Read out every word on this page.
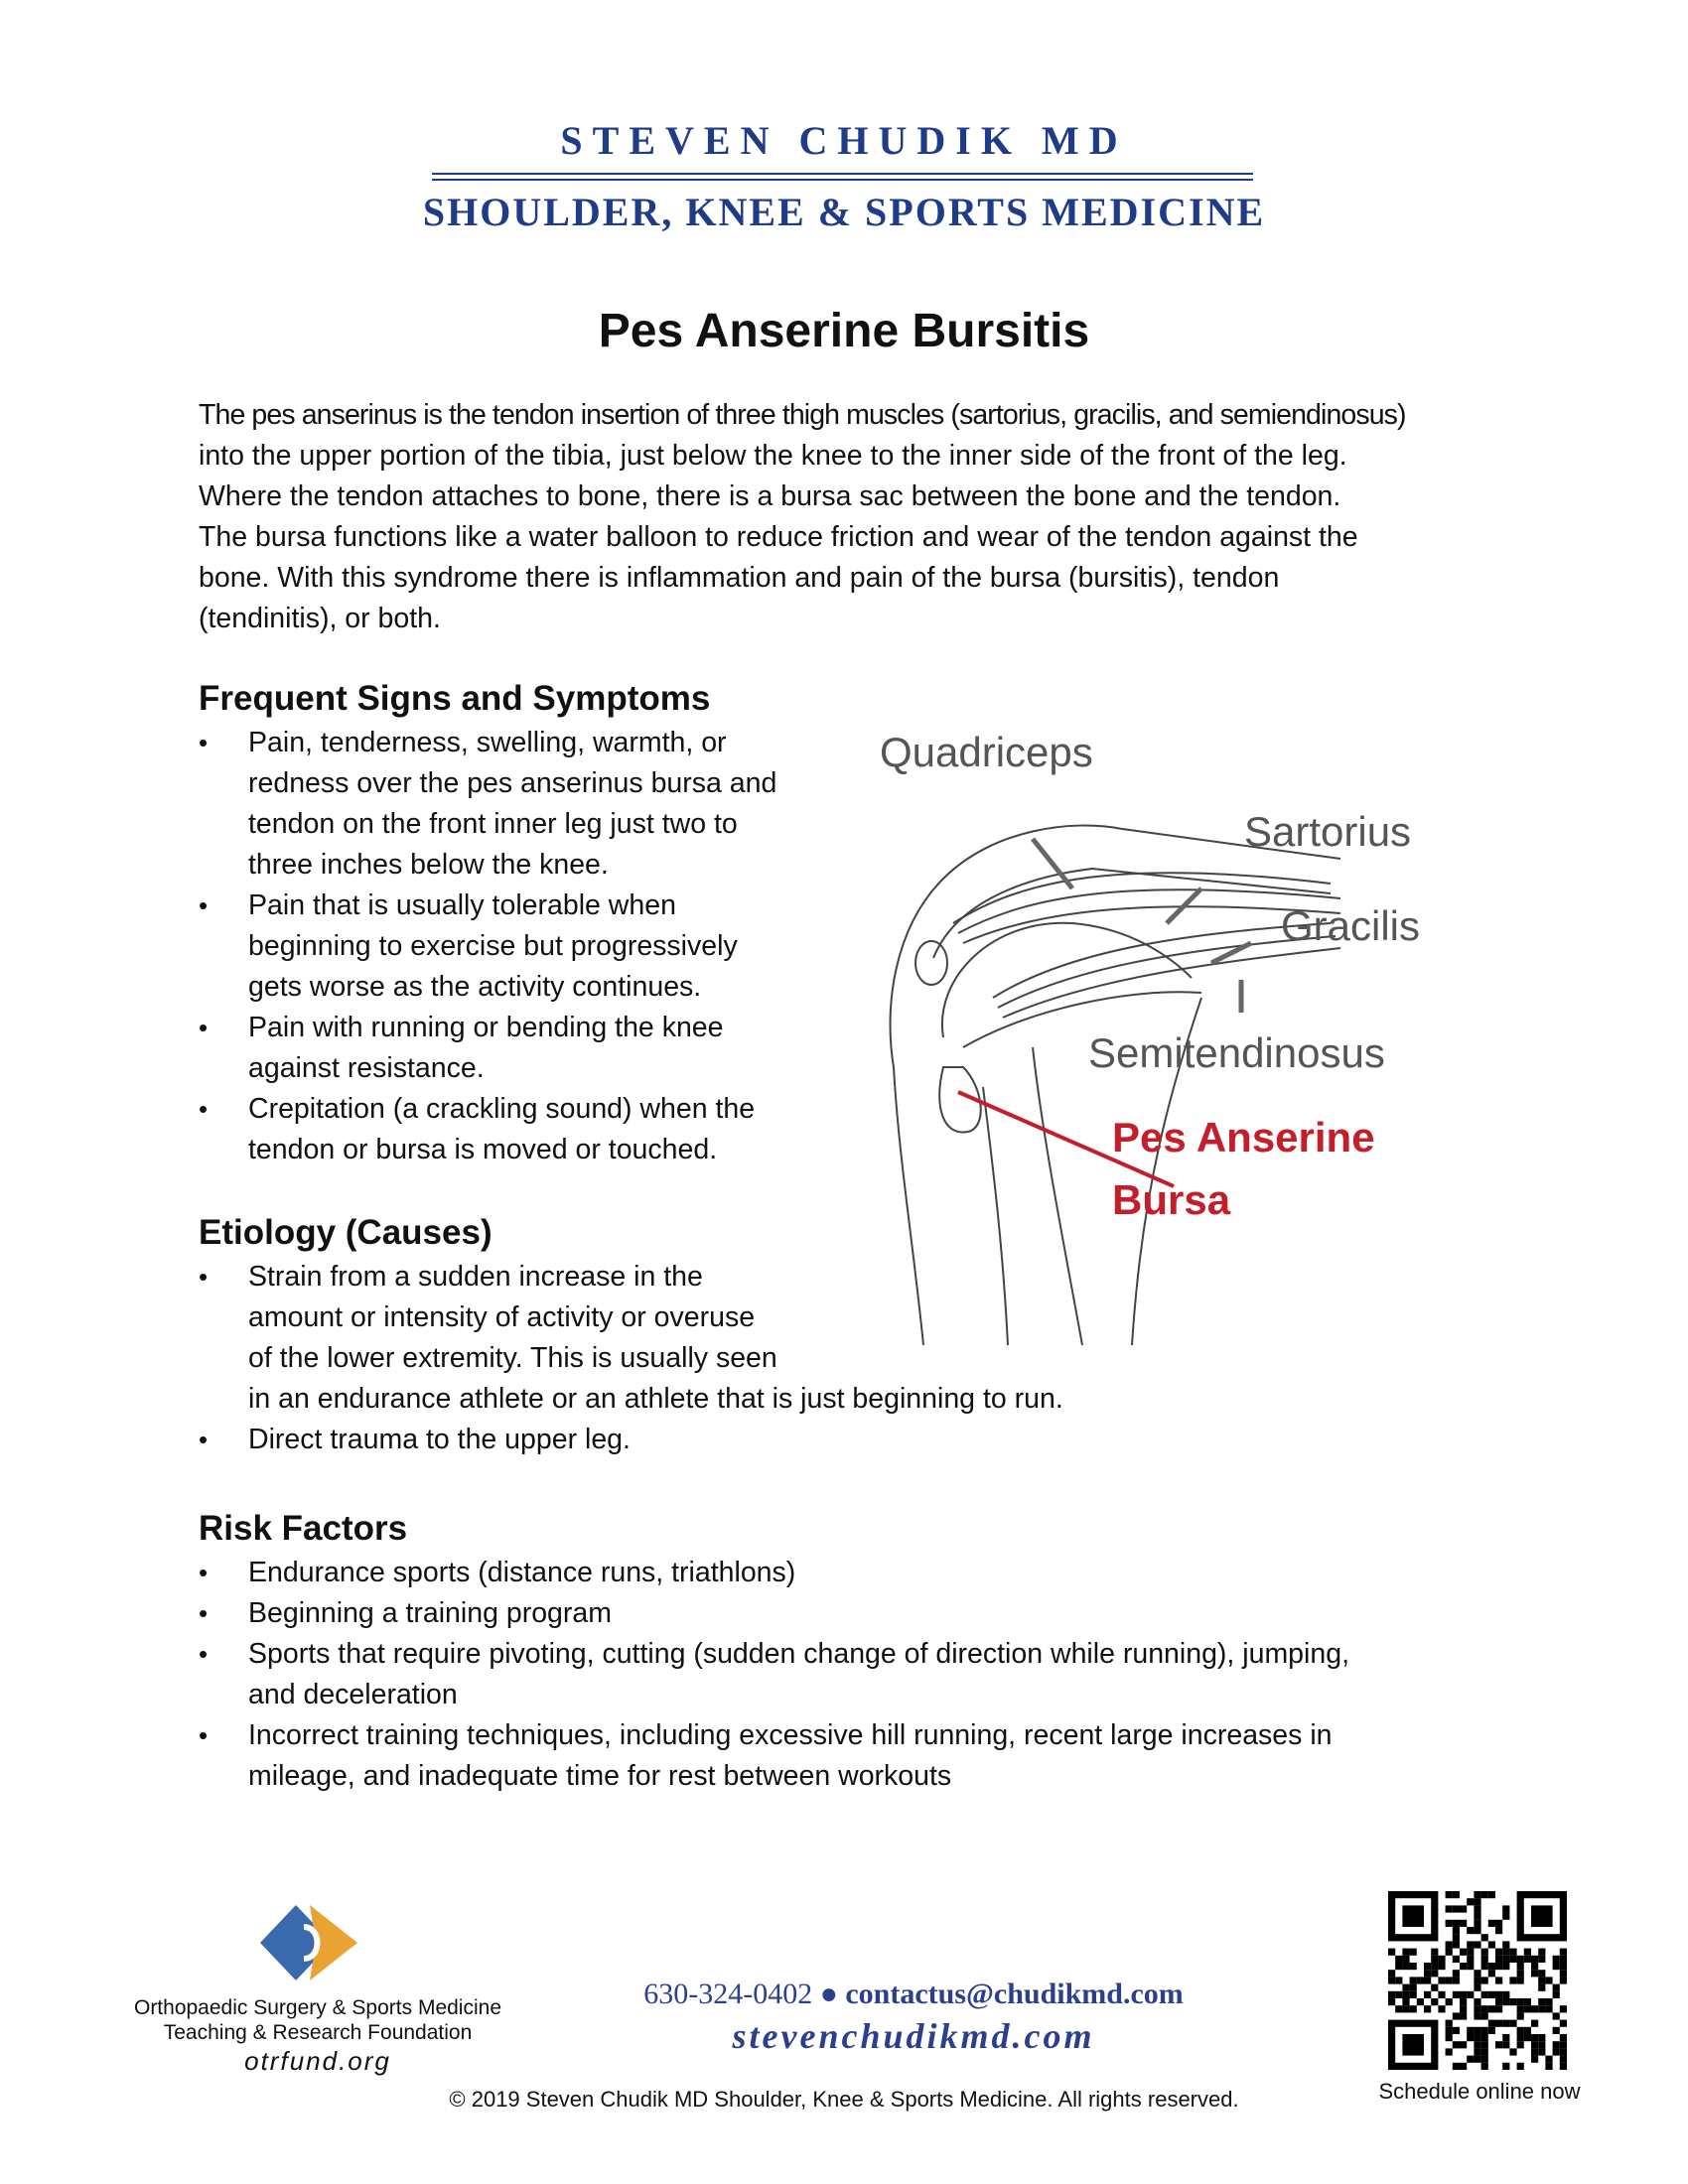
STEVEN CHUDIK MD
SHOULDER, KNEE & SPORTS MEDICINE
Pes Anserine Bursitis
The pes anserinus is the tendon insertion of three thigh muscles (sartorius, gracilis, and semiendinosus)
into the upper portion of the tibia, just below the knee to the inner side of the front of the leg.
Where the tendon attaches to bone, there is a bursa sac between the bone and the tendon.
The bursa functions like a water balloon to reduce friction and wear of the tendon against the
bone. With this syndrome there is inflammation and pain of the bursa (bursitis), tendon
(tendinitis), or both.
Frequent Signs and Symptoms
• Pain, tenderness, swelling, warmth, or
redness over the pes anserinus bursa and
tendon on the front inner leg just two to
three inches below the knee.
• Pain that is usually tolerable when
beginning to exercise but progressively
gets worse as the activity continues.
• Pain with running or bending the knee
against resistance.
• Crepitation (a crackling sound) when the
tendon or bursa is moved or touched.
Etiology (Causes)
• Strain from a sudden increase in the
amount or intensity of activity or overuse
of the lower extremity. This is usually seen
in an endurance athlete or an athlete that is just beginning to run.
• Direct trauma to the upper leg.
Risk Factors
• Endurance sports (distance runs, triathlons)
• Beginning a training program
• Sports that require pivoting, cutting (sudden change of direction while running), jumping,
and deceleration
• Incorrect training techniques, including excessive hill running, recent large increases in
mileage, and inadequate time for rest between workouts
Quadriceps
Sartorius
Gracilis
Semitendinosus
Pes Anserine
Bursa
Orthopaedic Surgery & Sports Medicine
Teaching & Research Foundation
otrfund.org
630-324-0402 ● contactus@chudikmd.com
stevenchudikmd.com
Schedule online now
© 2019 Steven Chudik MD Shoulder, Knee & Sports Medicine. All rights reserved.
